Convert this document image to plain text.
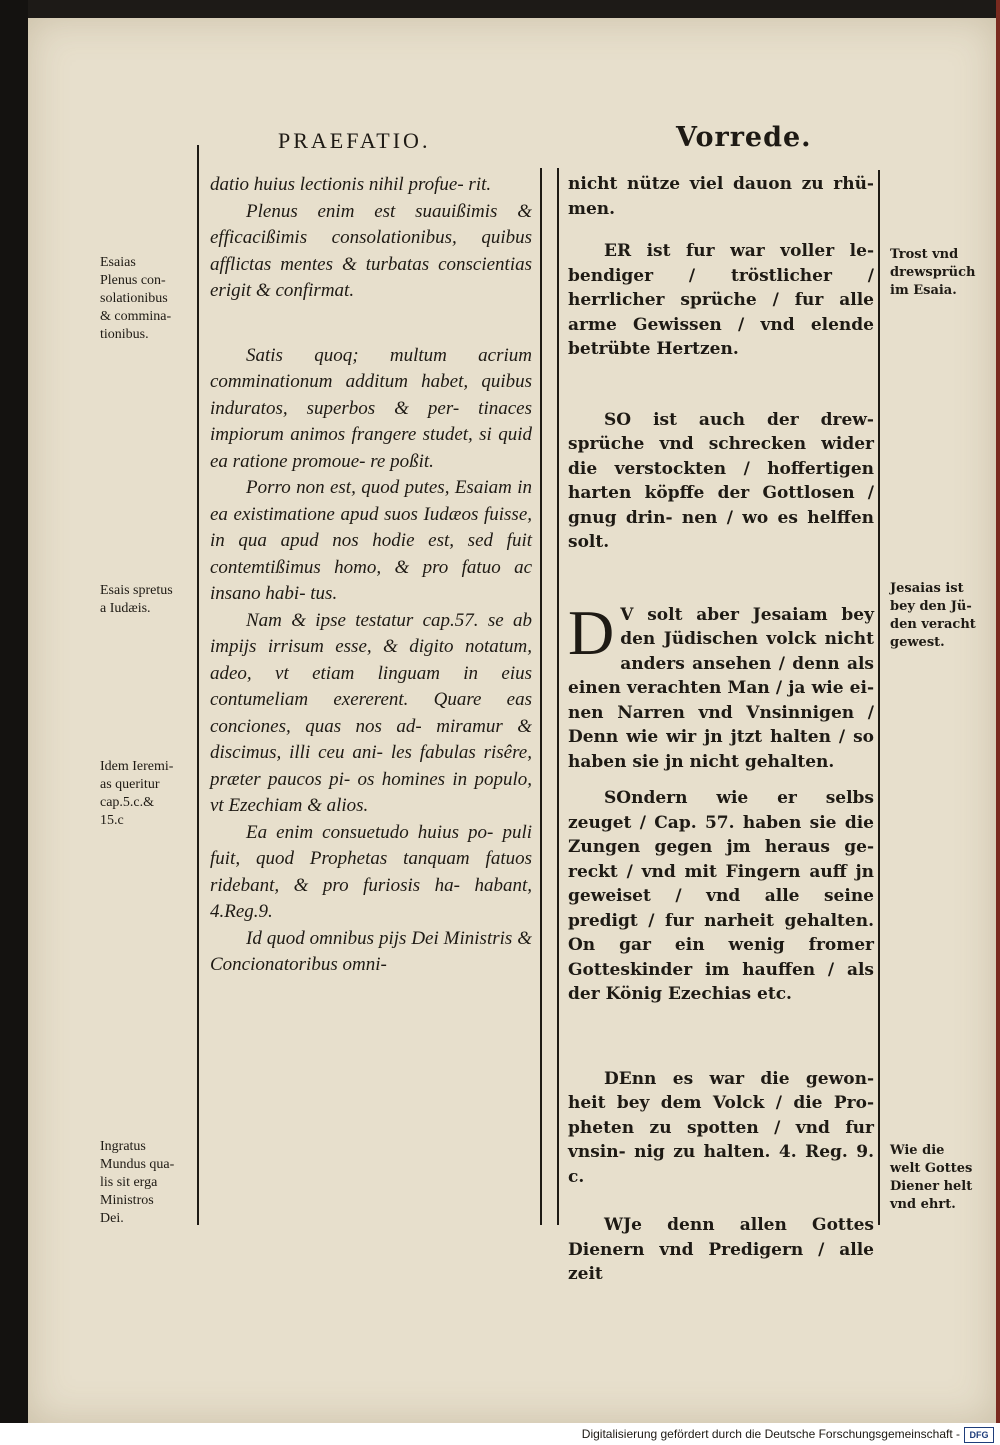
PRAEFATIO.	Vorrede.

datio huius lectionis nihil profue- rit.

Plenus enim est suauißimis & efficacißimis consolationibus, quibus afflictas mentes & turbatas conscientias erigit & confirmat.

Satis quoq; multum acrium comminationum additum habet, quibus induratos, superbos & per- tinaces impiorum animos frangere studet, si quid ea ratione promoue- re poßit.

Porro non est, quod putes, Esaiam in ea existimatione apud suos Iudæos fuisse, in qua apud nos hodie est, sed fuit contemtißimus homo, & pro fatuo ac insano habi- tus.

Nam & ipse testatur cap.57. se ab impijs irrisum esse, & digito notatum, adeo, vt etiam linguam in eius contumeliam exererent. Quare eas conciones, quas nos ad- miramur & discimus, illi ceu ani- les fabulas risêre, præter paucos pi- os homines in populo, vt Ezechiam & alios.

Ea enim consuetudo huius po- puli fuit, quod Prophetas tanquam fatuos ridebant, & pro furiosis ha- habant, 4.Reg.9.

Id quod omnibus pijs Dei Ministris & Concionatoribus omni-

nicht nütze viel dauon zu rhü- men.

ER ist fur war voller le- bendiger / tröstlicher / herrlicher sprüche / fur alle arme Gewissen / vnd elende betrübte Hertzen.

SO ist auch der drew- sprüche vnd schrecken wider die verstockten / hoffertigen harten köpffe der Gottlosen / gnug drin- nen / wo es helffen solt.

D V solt aber Jesaiam bey den Jüdischen volck nicht anders ansehen / denn als einen verachten Man / ja wie ei- nen Narren vnd Vnsinnigen / Denn wie wir jn jtzt halten / so haben sie jn nicht gehalten.

SOndern wie er selbs zeuget / Cap. 57. haben sie die Zungen gegen jm heraus ge- reckt / vnd mit Fingern auff jn geweiset / vnd alle seine predigt / fur narheit gehalten. On gar ein wenig fromer Gotteskinder im hauffen / als der König Ezechias etc.

DEnn es war die gewon- heit bey dem Volck / die Pro- pheten zu spotten / vnd fur vnsin- nig zu halten. 4. Reg. 9. c.

WJe denn allen Gottes Dienern vnd Predigern / alle zeit

Esaias
Plenus con-
solationibus
& commina-
tionibus.
Esais spretus
a Iudæis.
Idem Ieremi-
as queritur
cap.5.c.&
15.c
Ingratus
Mundus qua-
lis sit erga
Ministros
Dei.
Trost vnd
drewsprüch
im Esaia.
Jesaias ist
bey den Jü-
den veracht
gewest.
Wie die
welt Gottes
Diener helt
vnd ehrt.
Digitalisierung gefördert durch die Deutsche Forschungsgemeinschaft -	DFG
